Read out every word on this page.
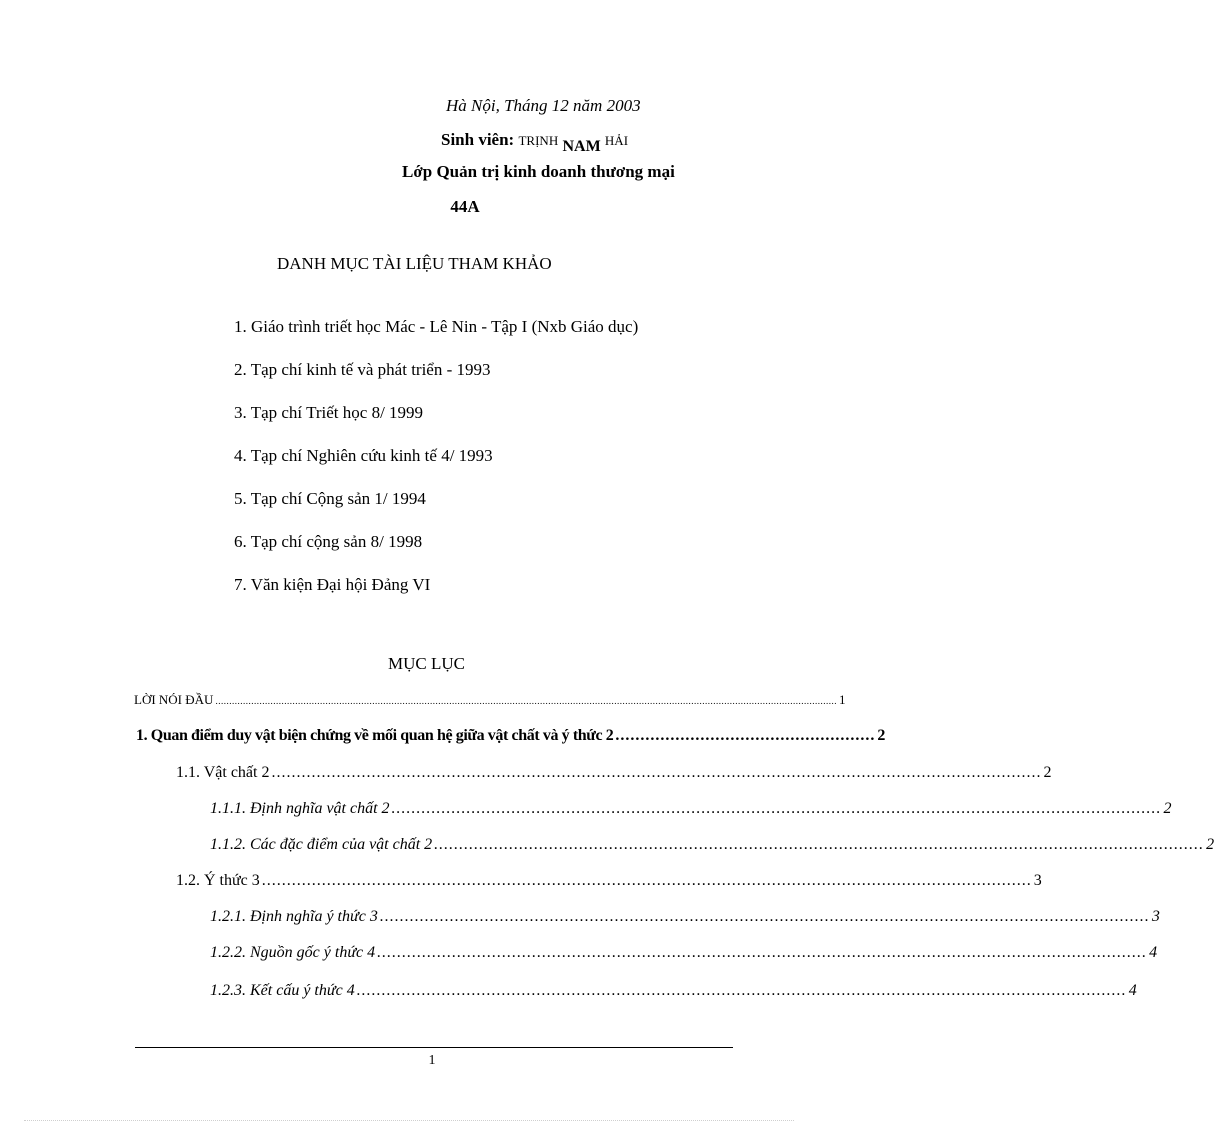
Hà Nội, Tháng 12 năm 2003
Sinh viên: TRỊNH NAM HẢI
Lớp Quản trị kinh doanh thương mại
44A
DANH MỤC TÀI LIỆU THAM KHẢO
1. Giáo trình triết học Mác - Lê Nin - Tập I (Nxb Giáo dục)
2. Tạp chí kinh tế và phát triển - 1993
3. Tạp chí Triết học 8/ 1999
4. Tạp chí Nghiên cứu kinh tế 4/ 1993
5. Tạp chí Cộng sản 1/ 1994
6. Tạp chí cộng sản 8/ 1998
7. Văn kiện Đại hội Đảng VI
MỤC LỤC
LỜI NÓI ĐẦU .................................................................................................................................................................................................................................. 1
1. Quan điểm duy vật biện chứng về mối quan hệ giữa vật chất và ý thức 2 .................................................... 2
1.1. Vật chất 2 .......................................................................................................................................................... 2
1.1.1. Định nghĩa vật chất 2 .......................................................................................................................................................... 2
1.1.2. Các đặc điểm của vật chất 2 .......................................................................................................................................................... 2
1.2. Ý thức 3 .......................................................................................................................................................... 3
1.2.1. Định nghĩa ý thức 3 .......................................................................................................................................................... 3
1.2.2. Nguồn gốc ý thức 4 .......................................................................................................................................................... 4
1.2.3. Kết cấu ý thức 4 .......................................................................................................................................................... 4
1
